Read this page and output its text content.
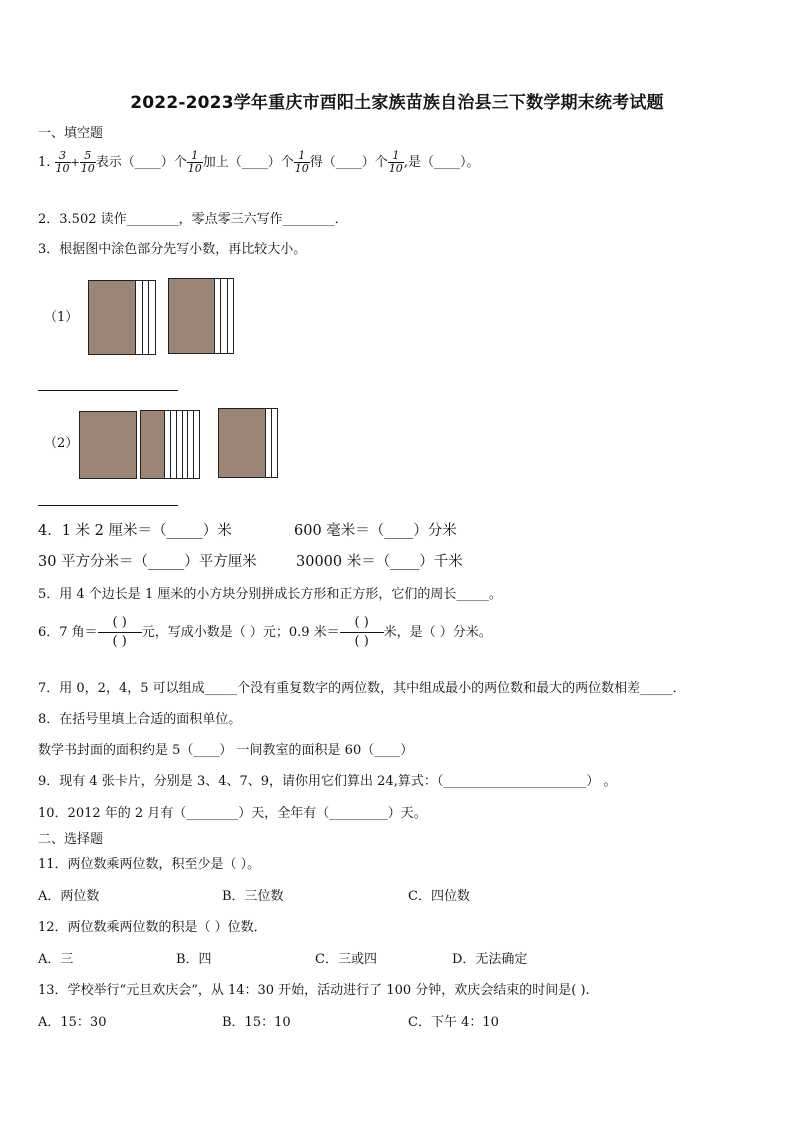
2022-2023学年重庆市酉阳土家族苗族自治县三下数学期末统考试题
一、填空题
1. $\frac{3}{10} + \frac{5}{10}$ 表示（____）个 $\frac{1}{10}$ 加上（____）个 $\frac{1}{10}$ 得（____）个 $\frac{1}{10}$ ,是（____）。
2．3.502 读作________，零点零三六写作________．
3．根据图中涂色部分先写小数，再比较大小。
（1）
（2）
4．1 米 2 厘米＝（_____）米	600 毫米＝（____）分米
30 平方分米＝（_____）平方厘米	30000 米＝（____）千米
5．用 4 个边长是 1 厘米的小方块分别拼成长方形和正方形，它们的周长_____。
6．7 角＝ $\frac{( )}{( )}$ 元，写成小数是（ ）元；0.9 米＝ $\frac{( )}{( )}$ 米，是（ ）分米。
7．用 0，2，4，5 可以组成_____个没有重复数字的两位数，其中组成最小的两位数和最大的两位数相差_____．
8．在括号里填上合适的面积单位。
数学书封面的面积约是 5（____） 一间教室的面积是 60（____）
9．现有 4 张卡片，分别是 3、4、7、9，请你用它们算出 24,算式：（______________________） 。
10．2012 年的 2 月有（________）天，全年有（_________）天。
二、选择题
11．两位数乘两位数，积至少是（ ）。
A．两位数	B．三位数	C．四位数
12．两位数乘两位数的积是（ ）位数．
A．三	B．四	C．三或四	D．无法确定
13．学校举行“元旦欢庆会”，从 14：30 开始，活动进行了 100 分钟，欢庆会结束的时间是( ).
A．15：30	B．15：10	C．下午 4：10
